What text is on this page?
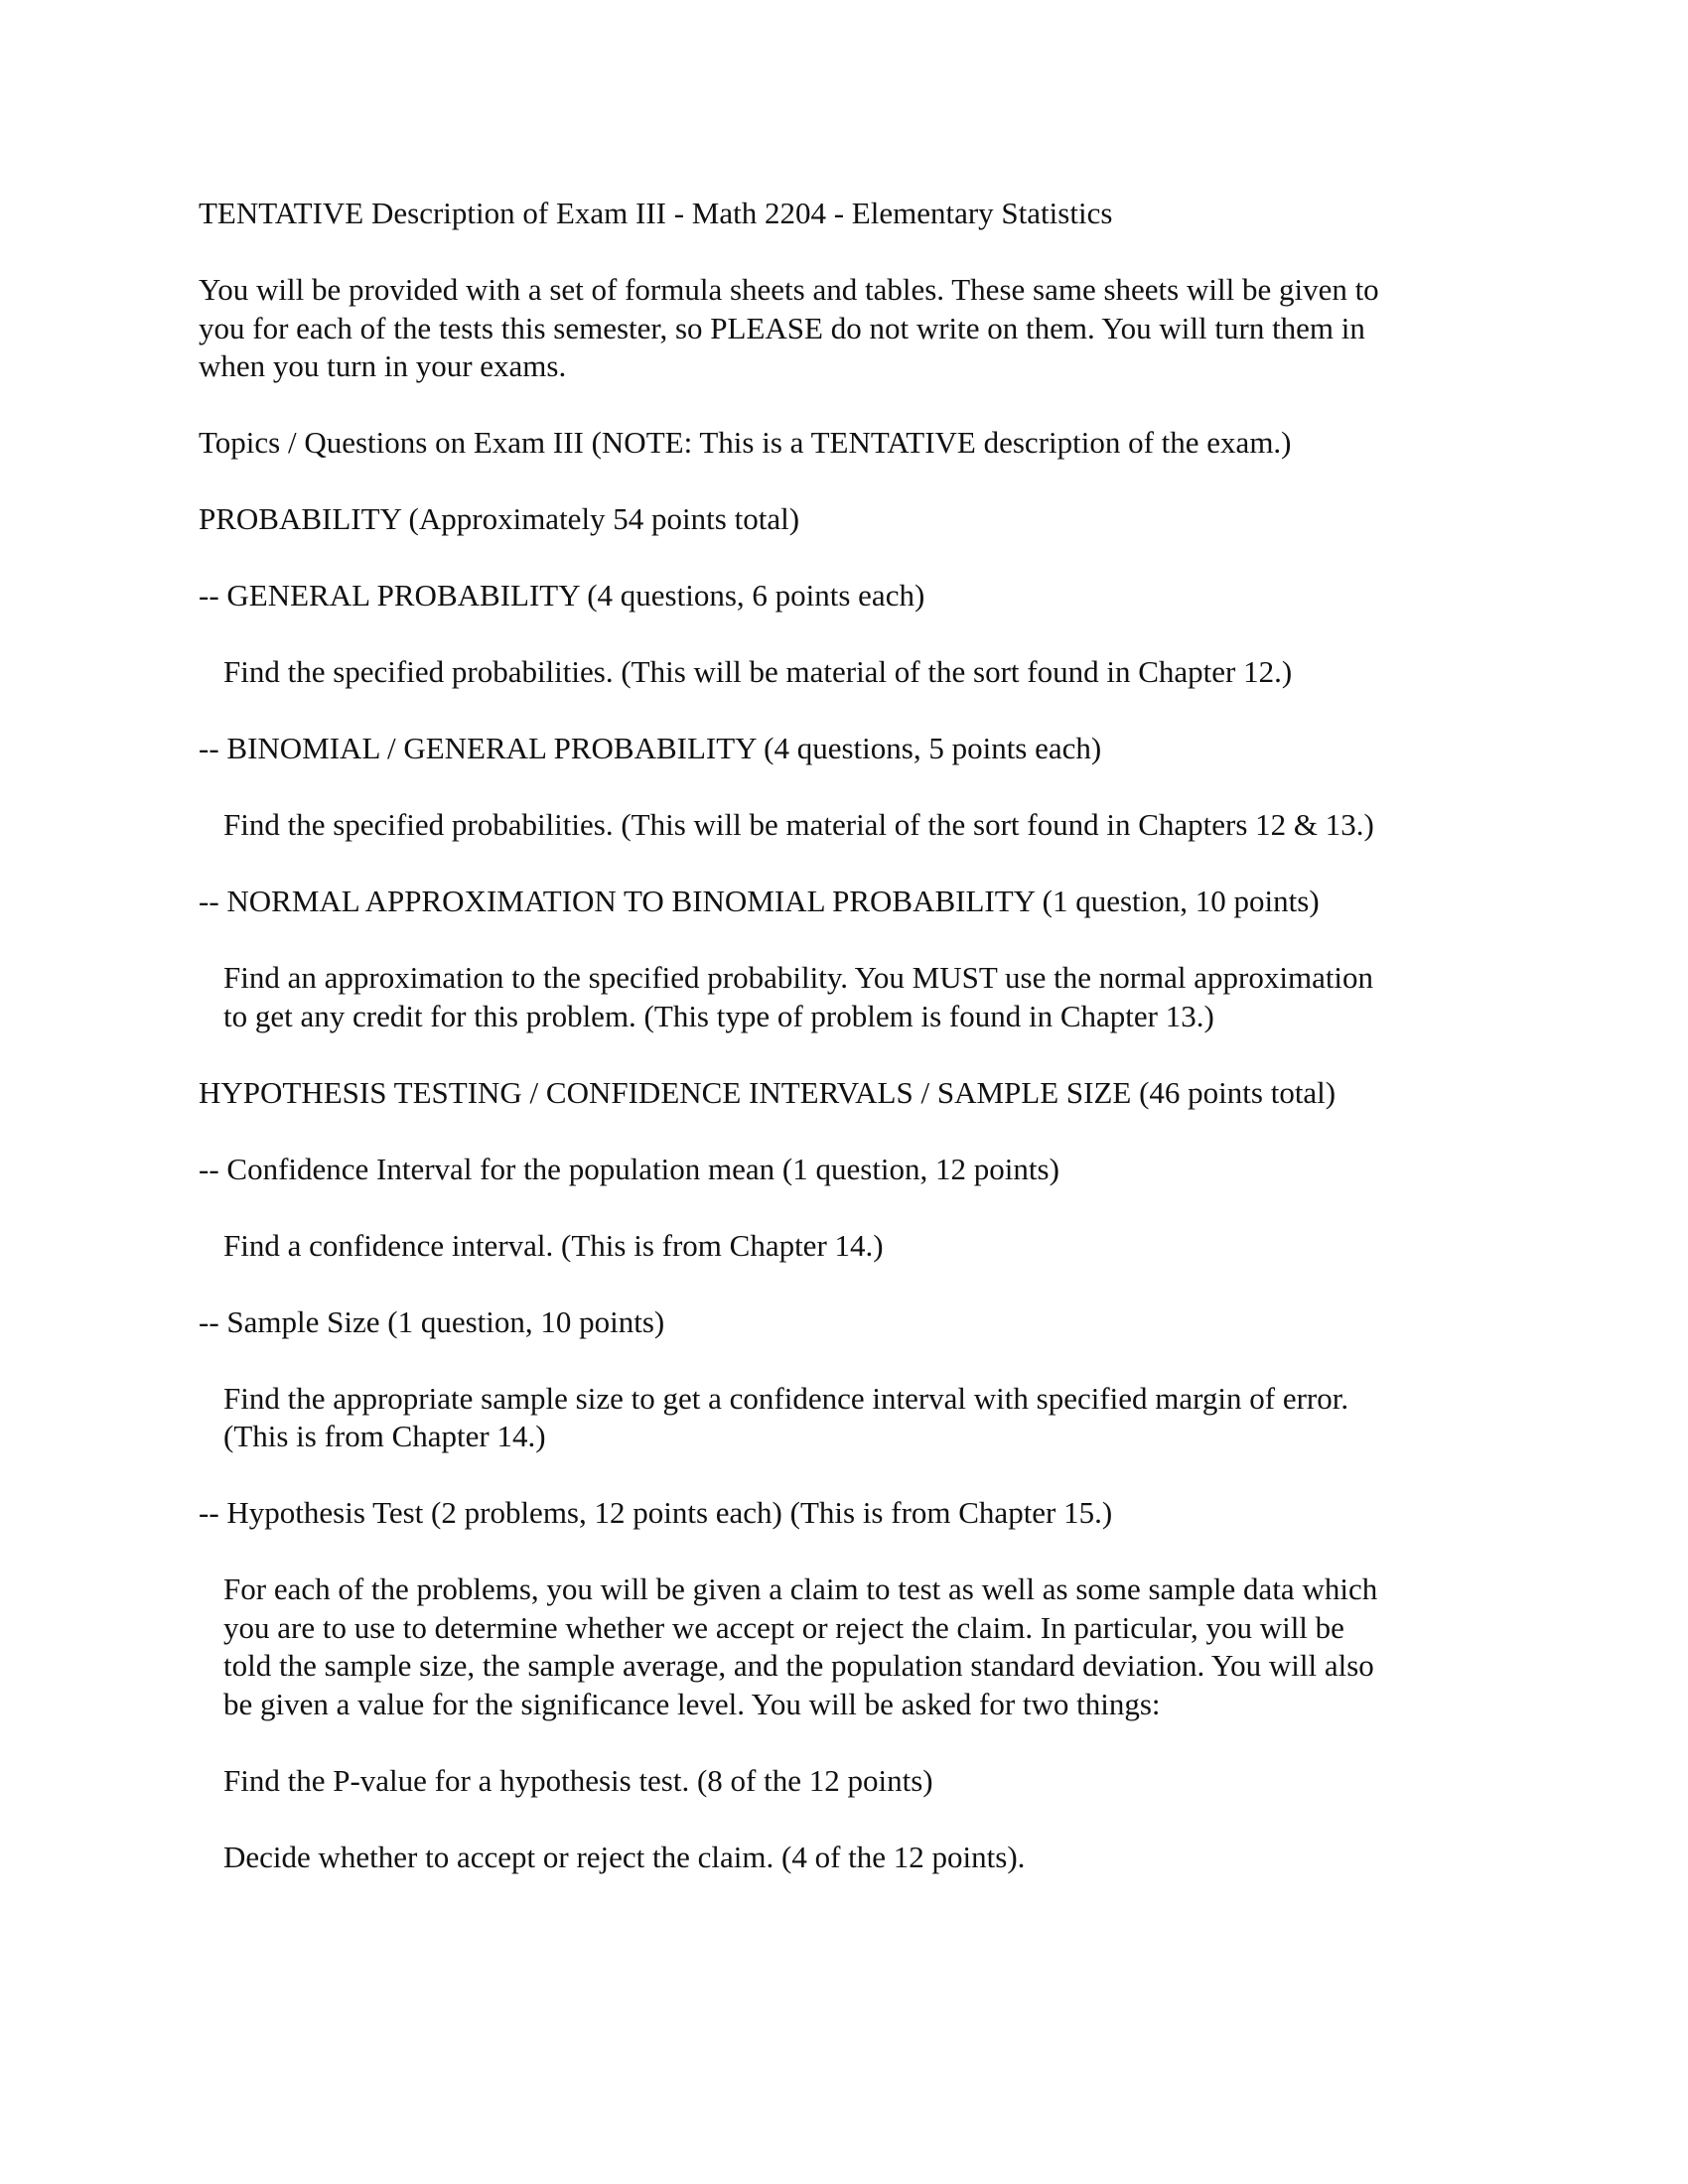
TENTATIVE Description of Exam III - Math 2204 - Elementary Statistics

You will be provided with a set of formula sheets and tables. These same sheets will be given to
you for each of the tests this semester, so PLEASE do not write on them. You will turn them in
when you turn in your exams.

Topics / Questions on Exam III (NOTE: This is a TENTATIVE description of the exam.)

PROBABILITY (Approximately 54 points total)

-- GENERAL PROBABILITY (4 questions, 6 points each)

Find the specified probabilities. (This will be material of the sort found in Chapter 12.)

-- BINOMIAL / GENERAL PROBABILITY (4 questions, 5 points each)

Find the specified probabilities. (This will be material of the sort found in Chapters 12 & 13.)

-- NORMAL APPROXIMATION TO BINOMIAL PROBABILITY (1 question, 10 points)

Find an approximation to the specified probability. You MUST use the normal approximation
to get any credit for this problem. (This type of problem is found in Chapter 13.)

HYPOTHESIS TESTING / CONFIDENCE INTERVALS / SAMPLE SIZE (46 points total)

-- Confidence Interval for the population mean (1 question, 12 points)

Find a confidence interval. (This is from Chapter 14.)

-- Sample Size (1 question, 10 points)

Find the appropriate sample size to get a confidence interval with specified margin of error.
(This is from Chapter 14.)

-- Hypothesis Test (2 problems, 12 points each) (This is from Chapter 15.)

For each of the problems, you will be given a claim to test as well as some sample data which
you are to use to determine whether we accept or reject the claim. In particular, you will be
told the sample size, the sample average, and the population standard deviation. You will also
be given a value for the significance level. You will be asked for two things:

Find the P-value for a hypothesis test. (8 of the 12 points)

Decide whether to accept or reject the claim. (4 of the 12 points).
